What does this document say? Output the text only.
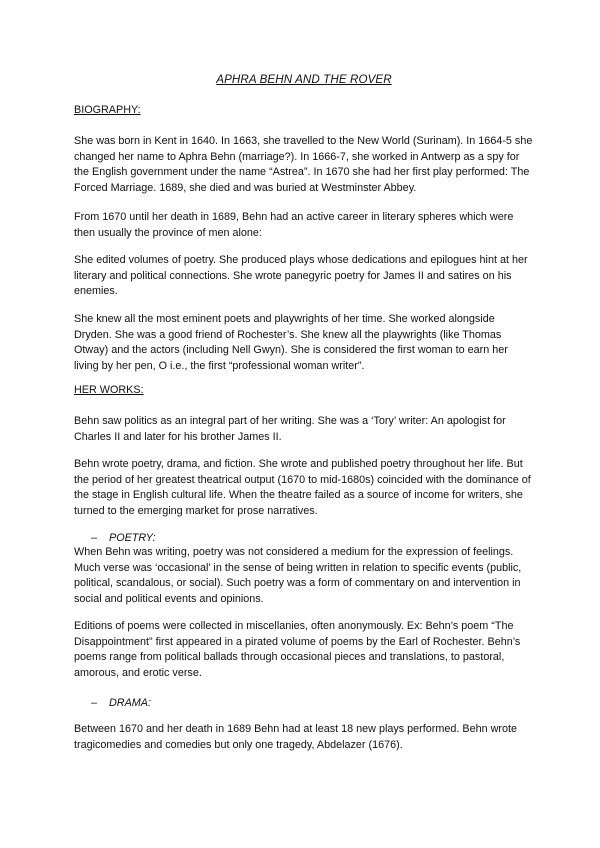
APHRA BEHN AND THE ROVER
BIOGRAPHY:

She was born in Kent in 1640. In 1663, she travelled to the New World (Surinam). In 1664-5 she changed her name to Aphra Behn (marriage?). In 1666-7, she worked in Antwerp as a spy for the English government under the name “Astrea”. In 1670 she had her first play performed: The Forced Marriage. 1689, she died and was buried at Westminster Abbey.

From 1670 until her death in 1689, Behn had an active career in literary spheres which were then usually the province of men alone:

She edited volumes of poetry. She produced plays whose dedications and epilogues hint at her literary and political connections. She wrote panegyric poetry for James II and satires on his enemies.

She knew all the most eminent poets and playwrights of her time. She worked alongside Dryden. She was a good friend of Rochester’s. She knew all the playwrights (like Thomas Otway) and the actors (including Nell Gwyn). She is considered the first woman to earn her living by her pen, O i.e., the first “professional woman writer”.

HER WORKS:

Behn saw politics as an integral part of her writing. She was a ‘Tory’ writer: An apologist for Charles II and later for his brother James II.

Behn wrote poetry, drama, and fiction. She wrote and published poetry throughout her life. But the period of her greatest theatrical output (1670 to mid-1680s) coincided with the dominance of the stage in English cultural life. When the theatre failed as a source of income for writers, she turned to the emerging market for prose narratives.

– POETRY:

When Behn was writing, poetry was not considered a medium for the expression of feelings. Much verse was ‘occasional’ in the sense of being written in relation to specific events (public, political, scandalous, or social). Such poetry was a form of commentary on and intervention in social and political events and opinions.

Editions of poems were collected in miscellanies, often anonymously. Ex: Behn’s poem “The Disappointment” first appeared in a pirated volume of poems by the Earl of Rochester. Behn’s poems range from political ballads through occasional pieces and translations, to pastoral, amorous, and erotic verse.

– DRAMA:

Between 1670 and her death in 1689 Behn had at least 18 new plays performed. Behn wrote tragicomedies and comedies but only one tragedy, Abdelazer (1676).
